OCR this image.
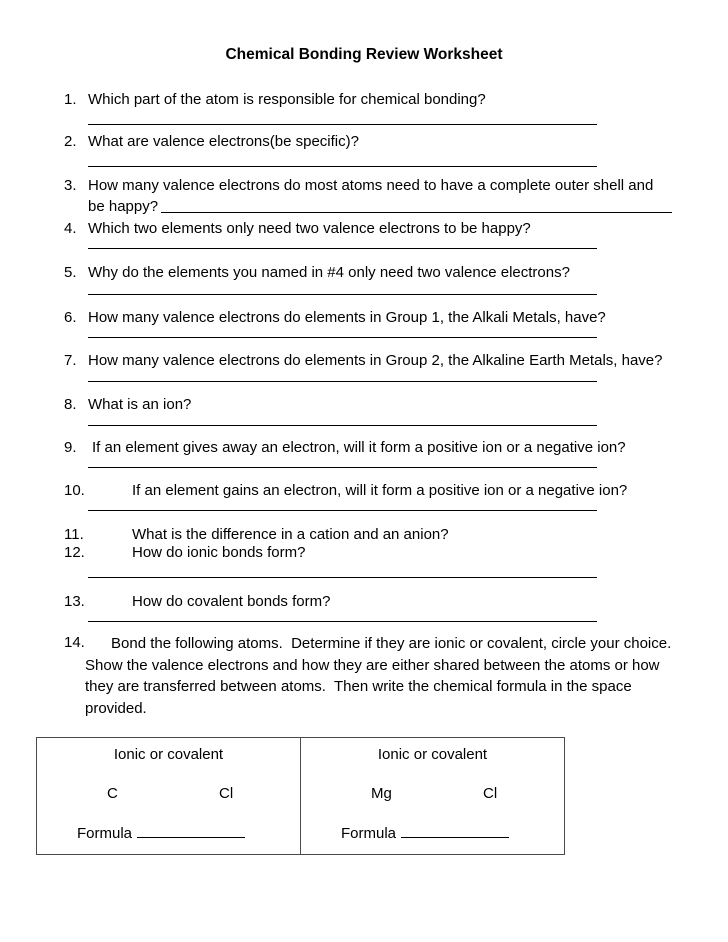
Chemical Bonding Review Worksheet
1. Which part of the atom is responsible for chemical bonding?
2. What are valence electrons(be specific)?
3. How many valence electrons do most atoms need to have a complete outer shell and
be happy?
4. Which two elements only need two valence electrons to be happy?
5. Why do the elements you named in #4 only need two valence electrons?
6. How many valence electrons do elements in Group 1, the Alkali Metals, have?
7. How many valence electrons do elements in Group 2, the Alkaline Earth Metals, have?
8. What is an ion?
9.	If an element gives away an electron, will it form a positive ion or a negative ion?
10.	If an element gains an electron, will it form a positive ion or a negative ion?
11.	What is the difference in a cation and an anion?
12.	How do ionic bonds form?
13.	How do covalent bonds form?
14.	Bond the following atoms.  Determine if they are ionic or covalent, circle your choice.  Show the valence electrons and how they are either shared between the atoms or how they are transferred between atoms.  Then write the chemical formula in the space provided.
Ionic or covalent
C	Cl
Formula
Ionic or covalent
Mg	Cl
Formula
